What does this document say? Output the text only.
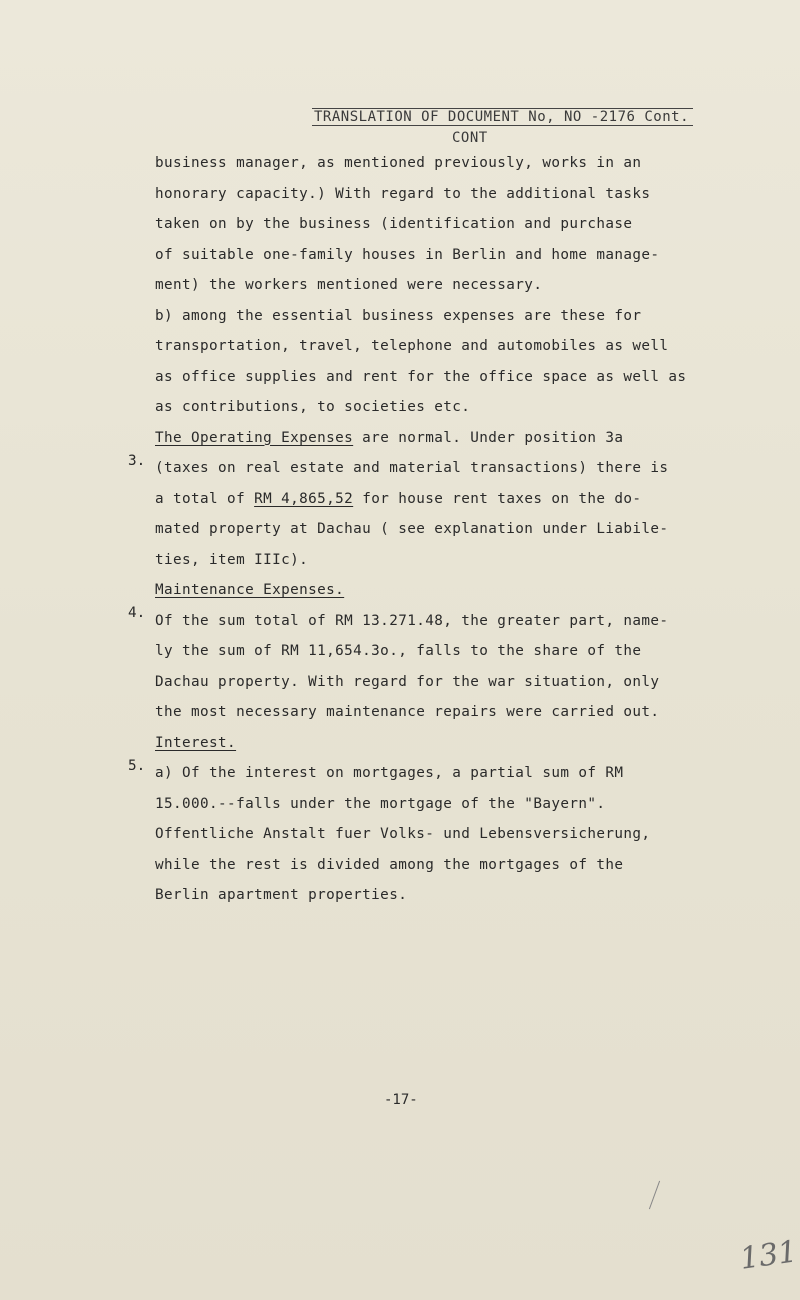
TRANSLATION OF DOCUMENT No, NO -2176 Cont.
CONT
business manager, as mentioned previously, works in an
honorary capacity.) With regard to the additional tasks
taken on by the business (identification and purchase
of suitable one-family houses in Berlin and home manage-
ment) the workers mentioned were necessary.
b) among the essential business expenses are these for
transportation, travel, telephone and automobiles as well
as office supplies and rent for the office space as well as
as contributions, to societies etc.
The Operating Expenses are normal. Under position 3a
(taxes on real estate and material transactions) there is
a total of RM 4,865,52 for house rent taxes on the do-
mated property at Dachau ( see explanation under Liabile-
ties, item IIIc).
Maintenance Expenses.
Of the sum total of RM 13.271.48, the greater part, name-
ly the sum of RM 11,654.3o., falls to the share of the
Dachau property. With regard for the war situation, only
the most necessary maintenance repairs were carried out.
Interest.
a) Of the interest on mortgages, a partial sum of RM
15.000.--falls under the mortgage of the "Bayern".
Offentliche Anstalt fuer Volks- und Lebensversicherung,
while the rest is divided among the mortgages of the
Berlin apartment properties.
3.
4.
5.
-17-
131
